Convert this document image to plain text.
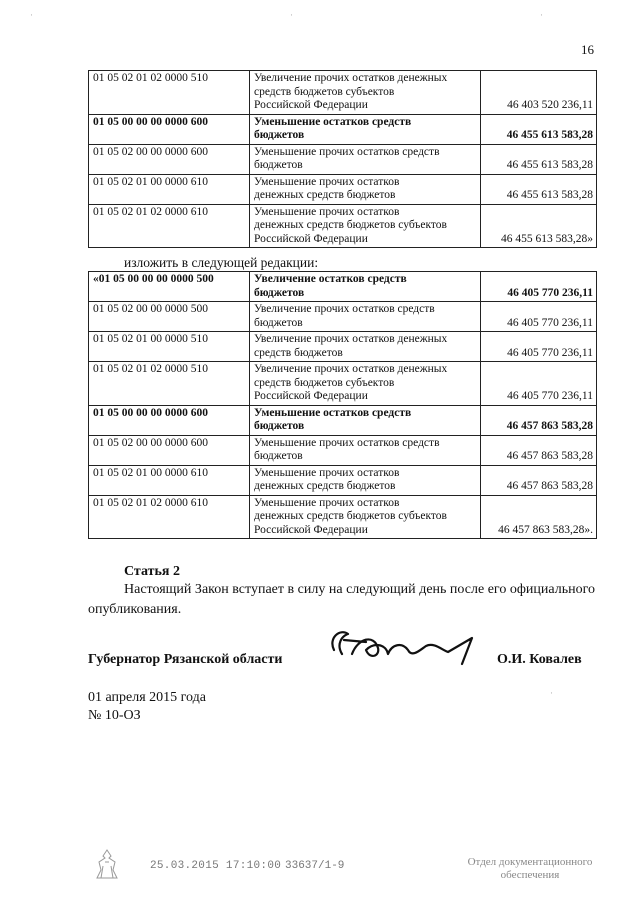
16
01 05 02 01 02 0000 510	Увеличение прочих остатков денежных
средств бюджетов субъектов
Российской Федерации	46 403 520 236,11
01 05 00 00 00 0000 600	Уменьшение остатков средств
бюджетов	46 455 613 583,28
01 05 02 00 00 0000 600	Уменьшение прочих остатков средств
бюджетов	46 455 613 583,28
01 05 02 01 00 0000 610	Уменьшение прочих остатков
денежных средств бюджетов	46 455 613 583,28
01 05 02 01 02 0000 610	Уменьшение прочих остатков
денежных средств бюджетов субъектов
Российской Федерации	46 455 613 583,28»
изложить в следующей редакции:
«01 05 00 00 00 0000 500	Увеличение остатков средств
бюджетов	46 405 770 236,11
01 05 02 00 00 0000 500	Увеличение прочих остатков средств
бюджетов	46 405 770 236,11
01 05 02 01 00 0000 510	Увеличение прочих остатков денежных
средств бюджетов	46 405 770 236,11
01 05 02 01 02 0000 510	Увеличение прочих остатков денежных
средств бюджетов субъектов
Российской Федерации	46 405 770 236,11
01 05 00 00 00 0000 600	Уменьшение остатков средств
бюджетов	46 457 863 583,28
01 05 02 00 00 0000 600	Уменьшение прочих остатков средств
бюджетов	46 457 863 583,28
01 05 02 01 00 0000 610	Уменьшение прочих остатков
денежных средств бюджетов	46 457 863 583,28
01 05 02 01 02 0000 610	Уменьшение прочих остатков
денежных средств бюджетов субъектов
Российской Федерации	46 457 863 583,28».
Статья 2
Настоящий Закон вступает в силу на следующий день после его официального опубликования.
Губернатор Рязанской области	О.И. Ковалев
01 апреля 2015 года
№ 10-ОЗ
25.03.2015 17:10:00 33637/1-9	Отдел документационного обеспечения
·	·	·
·
